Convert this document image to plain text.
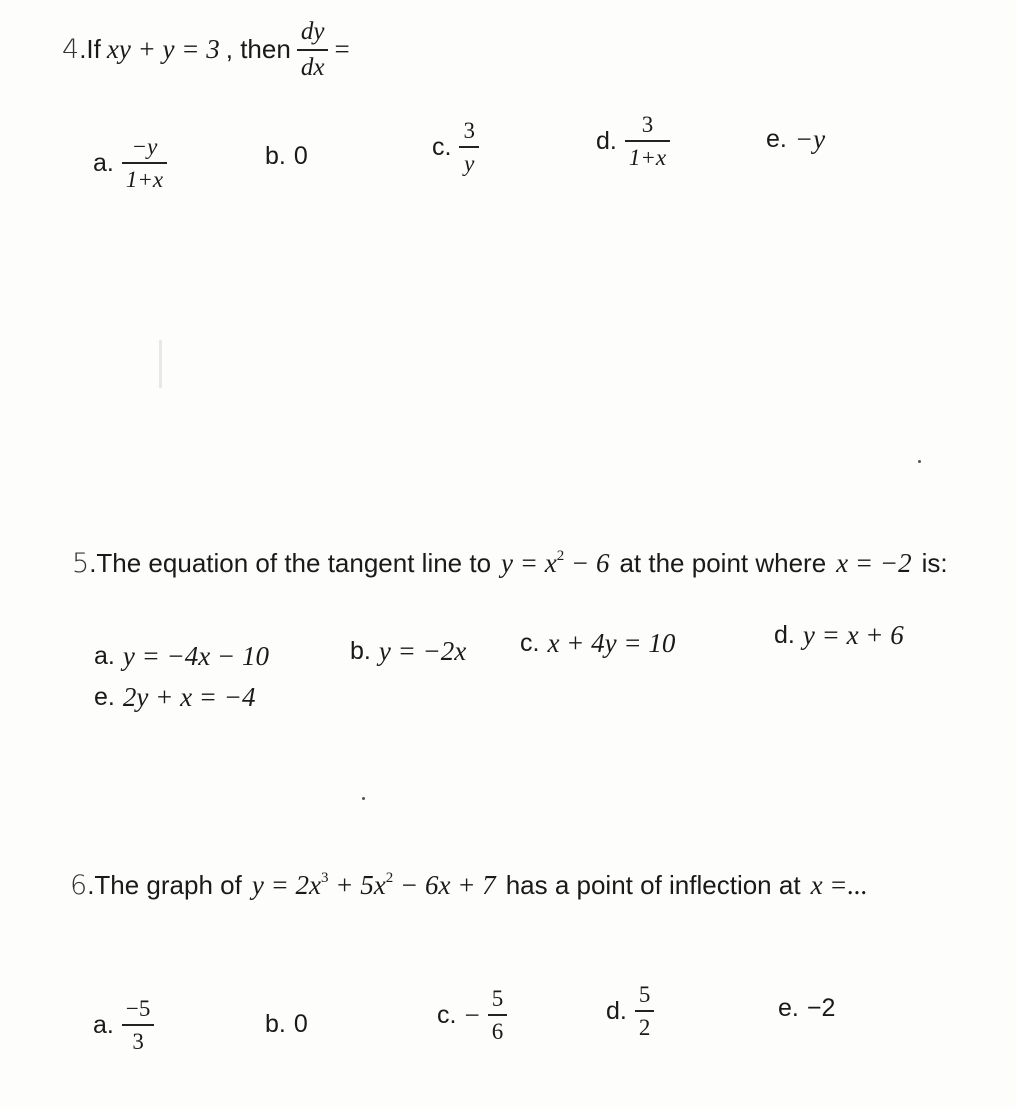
4 .If xy + y = 3 , then $\frac{dy}{dx}$ =
a. $\frac{-y}{1+x}$	b. 0	c. $\frac{3}{y}$	d. $\frac{3}{1+x}$	e. −y
5 .The equation of the tangent line to $y = x^2 - 6$ at the point where x = −2 is:
a. y = −4x − 10	b. y = −2x c. x + 4y = 10	d. y = x + 6
e. 2y + x = −4
6 .The graph of $y = 2x^3 + 5x^2 - 6x + 7$ has a point of inflection at x =...
a. $\frac{-5}{3}$	b. 0	c. − $\frac{5}{6}$	d. $\frac{5}{2}$	e. −2
